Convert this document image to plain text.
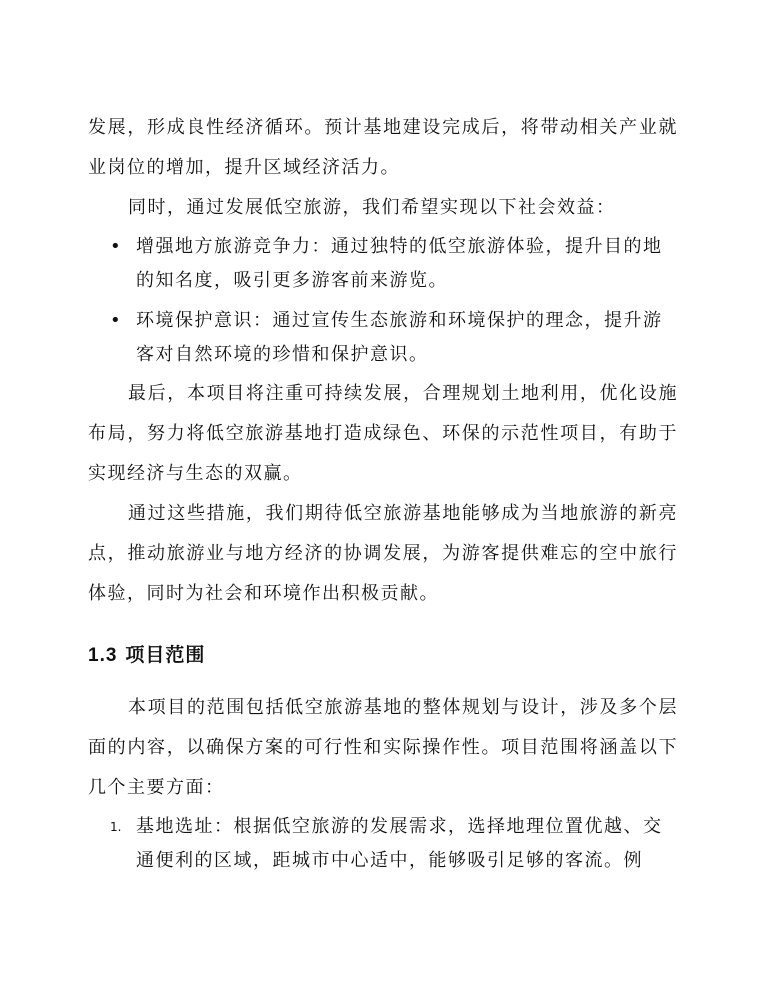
发展，形成良性经济循环。预计基地建设完成后，将带动相关产业就业岗位的增加，提升区域经济活力。

同时，通过发展低空旅游，我们希望实现以下社会效益：

• 增强地方旅游竞争力：通过独特的低空旅游体验，提升目的地的知名度，吸引更多游客前来游览。
• 环境保护意识：通过宣传生态旅游和环境保护的理念，提升游客对自然环境的珍惜和保护意识。

最后，本项目将注重可持续发展，合理规划土地利用，优化设施布局，努力将低空旅游基地打造成绿色、环保的示范性项目，有助于实现经济与生态的双赢。

通过这些措施，我们期待低空旅游基地能够成为当地旅游的新亮点，推动旅游业与地方经济的协调发展，为游客提供难忘的空中旅行体验，同时为社会和环境作出积极贡献。

1.3 项目范围

本项目的范围包括低空旅游基地的整体规划与设计，涉及多个层面的内容，以确保方案的可行性和实际操作性。项目范围将涵盖以下几个主要方面：

1. 基地选址：根据低空旅游的发展需求，选择地理位置优越、交通便利的区域，距城市中心适中，能够吸引足够的客流。例
